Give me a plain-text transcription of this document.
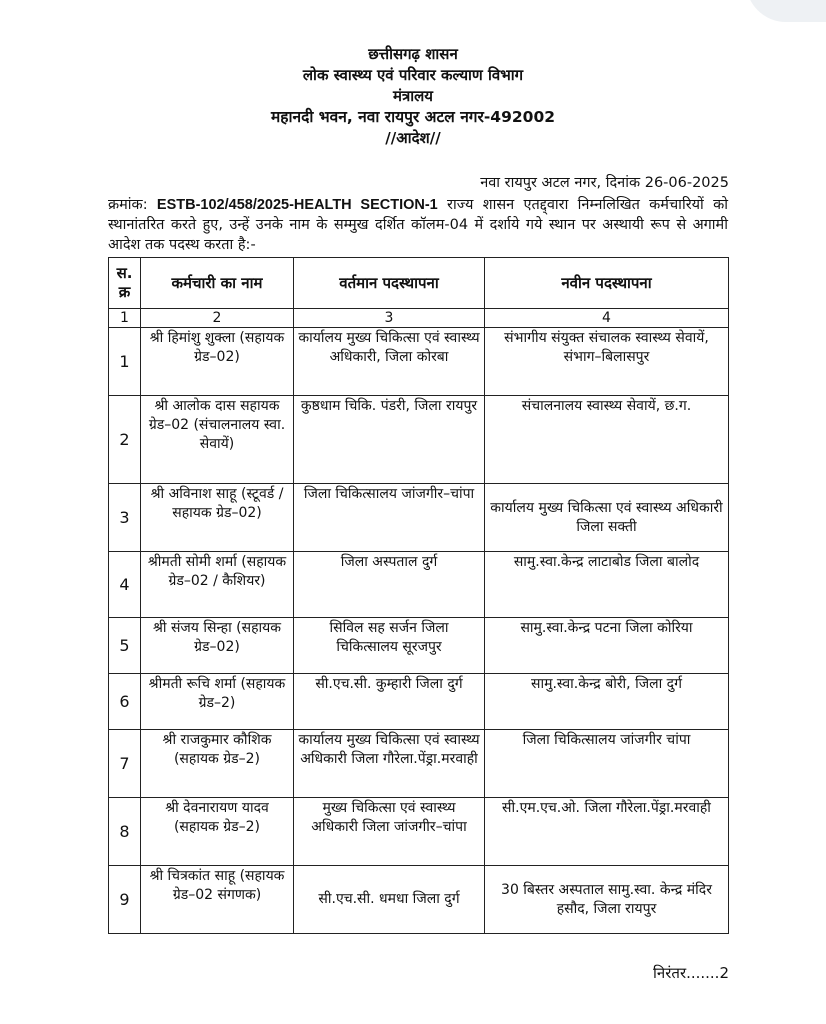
छत्तीसगढ़ शासन
लोक स्वास्थ्य एवं परिवार कल्याण विभाग
मंत्रालय
महानदी भवन, नवा रायपुर अटल नगर-492002
//आदेश//
नवा रायपुर अटल नगर, दिनांक 26-06-2025
क्रमांक: ESTB-102/458/2025-HEALTH SECTION-1 राज्य शासन एतद्द्वारा निम्नलिखित कर्मचारियों को स्थानांतरित करते हुए, उन्हें उनके नाम के सम्मुख दर्शित कॉलम-04 में दर्शाये गये स्थान पर अस्थायी रूप से अगामी आदेश तक पदस्थ करता है:-
स. क्र	कर्मचारी का नाम	वर्तमान पदस्थापना	नवीन पदस्थापना
1	2	3	4
1	श्री हिमांशु शुक्ला (सहायक ग्रेड–02)	कार्यालय मुख्य चिकित्सा एवं स्वास्थ्य अधिकारी, जिला कोरबा	संभागीय संयुक्त संचालक स्वास्थ्य सेवायें, संभाग–बिलासपुर
2	श्री आलोक दास सहायक ग्रेड–02 (संचालनालय स्वा. सेवायें)	कुष्ठधाम चिकि. पंडरी, जिला रायपुर	संचालनालय स्वास्थ्य सेवायें, छ.ग.
3	श्री अविनाश साहू (स्टूवर्ड / सहायक ग्रेड–02)	जिला चिकित्सालय जांजगीर–चांपा	कार्यालय मुख्य चिकित्सा एवं स्वास्थ्य अधिकारी जिला सक्ती
4	श्रीमती सोमी शर्मा (सहायक ग्रेड–02 / कैशियर)	जिला अस्पताल दुर्ग	सामु.स्वा.केन्द्र लाटाबोड जिला बालोद
5	श्री संजय सिन्हा (सहायक ग्रेड–02)	सिविल सह सर्जन जिला चिकित्सालय सूरजपुर	सामु.स्वा.केन्द्र पटना जिला कोरिया
6	श्रीमती रूचि शर्मा (सहायक ग्रेड–2)	सी.एच.सी. कुम्हारी जिला दुर्ग	सामु.स्वा.केन्द्र बोरी, जिला दुर्ग
7	श्री राजकुमार कौशिक (सहायक ग्रेड–2)	कार्यालय मुख्य चिकित्सा एवं स्वास्थ्य अधिकारी जिला गौरेला.पेंड्रा.मरवाही	जिला चिकित्सालय जांजगीर चांपा
8	श्री देवनारायण यादव (सहायक ग्रेड–2)	मुख्य चिकित्सा एवं स्वास्थ्य अधिकारी जिला जांजगीर–चांपा	सी.एम.एच.ओ. जिला गौरेला.पेंड्रा.मरवाही
9	श्री चित्रकांत साहू (सहायक ग्रेड–02 संगणक)	सी.एच.सी. धमधा जिला दुर्ग	30 बिस्तर अस्पताल सामु.स्वा. केन्द्र मंदिर हसौद, जिला रायपुर
निरंतर.......2
